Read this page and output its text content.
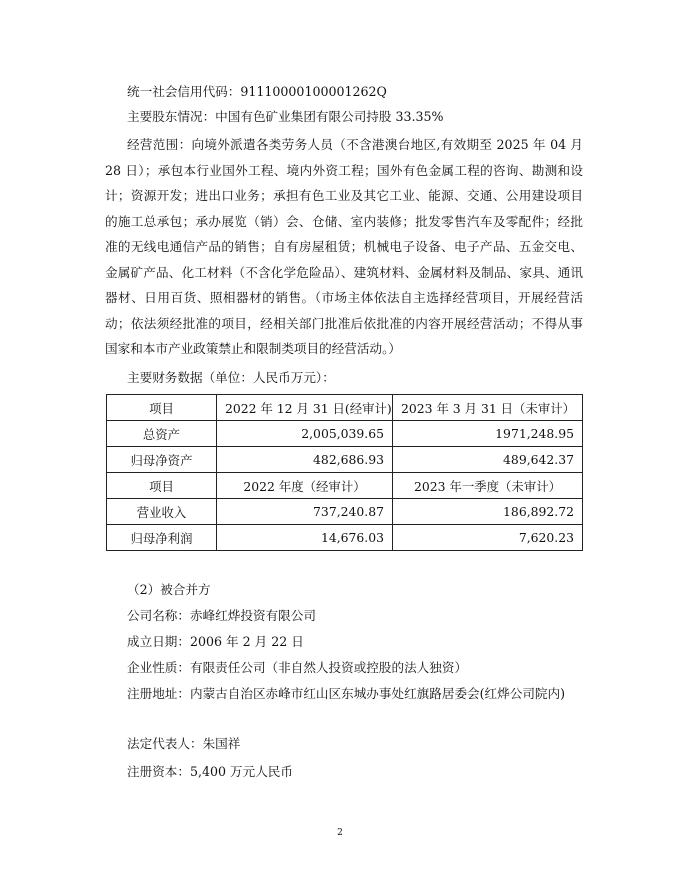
统一社会信用代码：91110000100001262Q
主要股东情况：中国有色矿业集团有限公司持股 33.35%
经营范围：向境外派遣各类劳务人员（不含港澳台地区,有效期至 2025 年 04 月 28 日）；承包本行业国外工程、境内外资工程；国外有色金属工程的咨询、勘测和设计；资源开发；进出口业务；承担有色工业及其它工业、能源、交通、公用建设项目的施工总承包；承办展览（销）会、仓储、室内装修；批发零售汽车及零配件；经批准的无线电通信产品的销售；自有房屋租赁；机械电子设备、电子产品、五金交电、金属矿产品、化工材料（不含化学危险品）、建筑材料、金属材料及制品、家具、通讯器材、日用百货、照相器材的销售。（市场主体依法自主选择经营项目，开展经营活动；依法须经批准的项目，经相关部门批准后依批准的内容开展经营活动；不得从事国家和本市产业政策禁止和限制类项目的经营活动。）
主要财务数据（单位：人民币万元）：
项目	2022 年 12 月 31 日(经审计)	2023 年 3 月 31 日（未审计）
总资产	2,005,039.65	1971,248.95
归母净资产	482,686.93	489,642.37
项目	2022 年度（经审计）	2023 年一季度（未审计）
营业收入	737,240.87	186,892.72
归母净利润	14,676.03	7,620.23
（2）被合并方
公司名称：赤峰红烨投资有限公司
成立日期：2006 年 2 月 22 日
企业性质：有限责任公司（非自然人投资或控股的法人独资）
注册地址：内蒙古自治区赤峰市红山区东城办事处红旗路居委会(红烨公司院内)
法定代表人：朱国祥
注册资本：5,400 万元人民币
2
